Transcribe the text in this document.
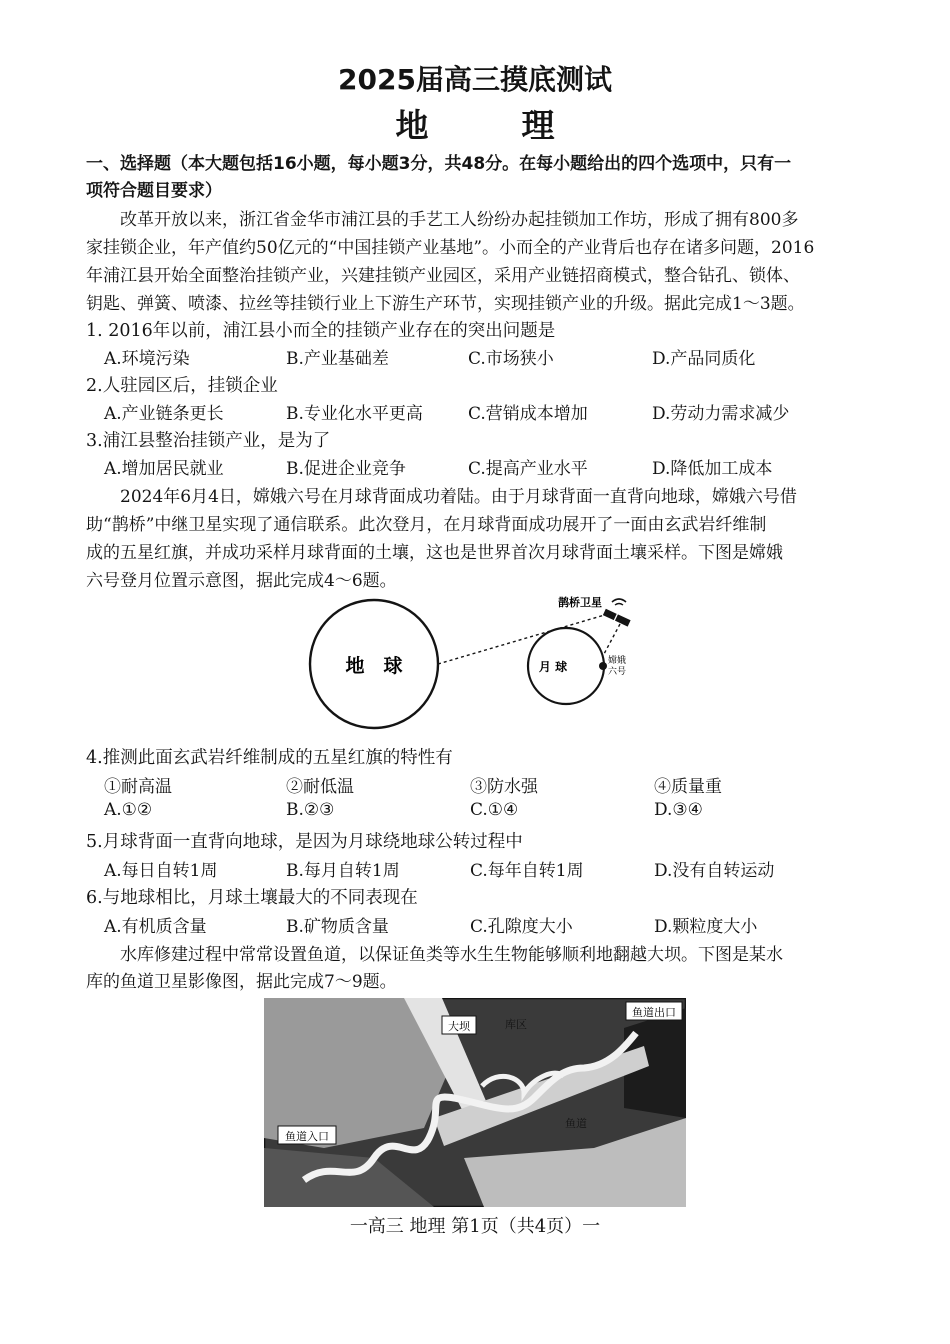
2025届高三摸底测试
地　理
一、选择题（本大题包括16小题，每小题3分，共48分。在每小题给出的四个选项中，只有一
项符合题目要求）
　　改革开放以来，浙江省金华市浦江县的手艺工人纷纷办起挂锁加工作坊，形成了拥有800多
家挂锁企业，年产值约50亿元的“中国挂锁产业基地”。小而全的产业背后也存在诸多问题，2016
年浦江县开始全面整治挂锁产业，兴建挂锁产业园区，采用产业链招商模式，整合钻孔、锁体、
钥匙、弹簧、喷漆、拉丝等挂锁行业上下游生产环节，实现挂锁产业的升级。据此完成1～3题。
1. 2016年以前，浦江县小而全的挂锁产业存在的突出问题是
A.环境污染	B.产业基础差	C.市场狭小	D.产品同质化
2.人驻园区后，挂锁企业
A.产业链条更长	B.专业化水平更高	C.营销成本增加	D.劳动力需求减少
3.浦江县整治挂锁产业，是为了
A.增加居民就业	B.促进企业竞争	C.提高产业水平	D.降低加工成本
　　2024年6月4日，嫦娥六号在月球背面成功着陆。由于月球背面一直背向地球，嫦娥六号借
助“鹊桥”中继卫星实现了通信联系。此次登月，在月球背面成功展开了一面由玄武岩纤维制
成的五星红旗，并成功采样月球背面的土壤，这也是世界首次月球背面土壤采样。下图是嫦娥
六号登月位置示意图，据此完成4～6题。
地　球	月 球
鹊桥卫星
嫦娥
六号
4.推测此面玄武岩纤维制成的五星红旗的特性有
①耐高温	②耐低温	③防水强	④质量重
A.①②	B.②③	C.①④	D.③④
5.月球背面一直背向地球，是因为月球绕地球公转过程中
A.每日自转1周	B.每月自转1周	C.每年自转1周	D.没有自转运动
6.与地球相比，月球土壤最大的不同表现在
A.有机质含量	B.矿物质含量	C.孔隙度大小	D.颗粒度大小
　　水库修建过程中常常设置鱼道，以保证鱼类等水生生物能够顺利地翻越大坝。下图是某水
库的鱼道卫星影像图，据此完成7～9题。
大坝	库区
鱼道
鱼道入口
鱼道出口
一高三 地理 第1页（共4页）一
